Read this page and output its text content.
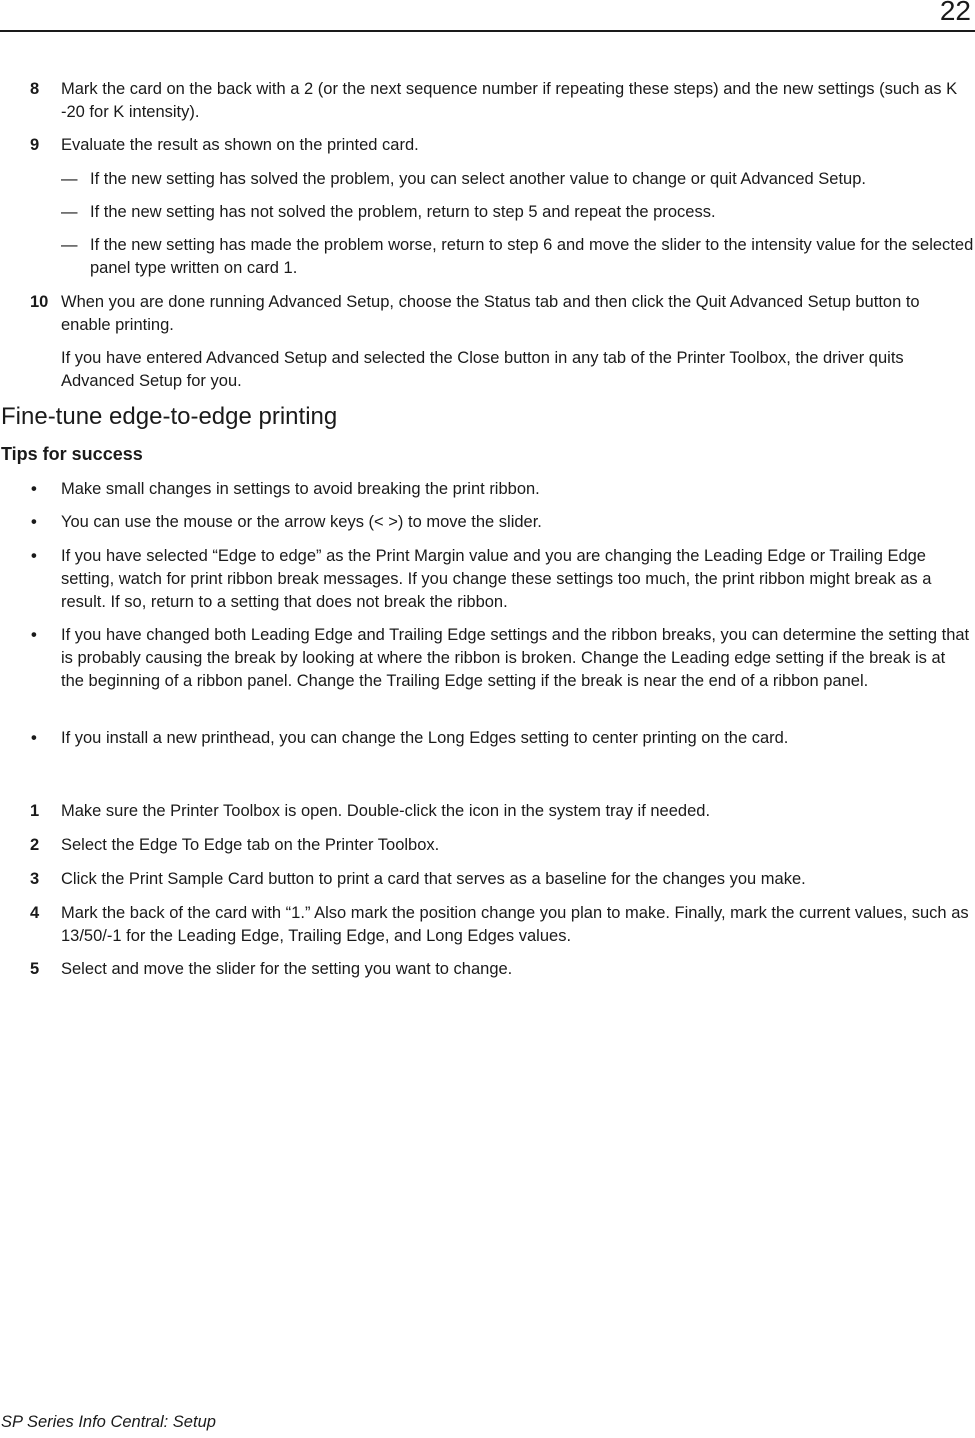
22
8 Mark the card on the back with a 2 (or the next sequence number if repeating these steps) and the new settings (such as K -20 for K intensity).

9 Evaluate the result as shown on the printed card.

— If the new setting has solved the problem, you can select another value to change or quit Advanced Setup.

— If the new setting has not solved the problem, return to step 5 and repeat the process.

— If the new setting has made the problem worse, return to step 6 and move the slider to the intensity value for the selected panel type written on card 1.

10 When you are done running Advanced Setup, choose the Status tab and then click the Quit Advanced Setup button to enable printing.

If you have entered Advanced Setup and selected the Close button in any tab of the Printer Toolbox, the driver quits Advanced Setup for you.

Fine-tune edge-to-edge printing
Tips for success
• Make small changes in settings to avoid breaking the print ribbon.

• You can use the mouse or the arrow keys (< >) to move the slider.

• If you have selected “Edge to edge” as the Print Margin value and you are changing the Leading Edge or Trailing Edge setting, watch for print ribbon break messages. If you change these settings too much, the print ribbon might break as a result. If so, return to a setting that does not break the ribbon.

• If you have changed both Leading Edge and Trailing Edge settings and the ribbon breaks, you can determine the setting that is probably causing the break by looking at where the ribbon is broken. Change the Leading edge setting if the break is at the beginning of a ribbon panel. Change the Trailing Edge setting if the break is near the end of a ribbon panel.

• If you install a new printhead, you can change the Long Edges setting to center printing on the card.

1 Make sure the Printer Toolbox is open. Double-click the icon in the system tray if needed.

2 Select the Edge To Edge tab on the Printer Toolbox.

3 Click the Print Sample Card button to print a card that serves as a baseline for the changes you make.

4 Mark the back of the card with “1.” Also mark the position change you plan to make. Finally, mark the current values, such as 13/50/-1 for the Leading Edge, Trailing Edge, and Long Edges values.

5 Select and move the slider for the setting you want to change.

SP Series Info Central: Setup
